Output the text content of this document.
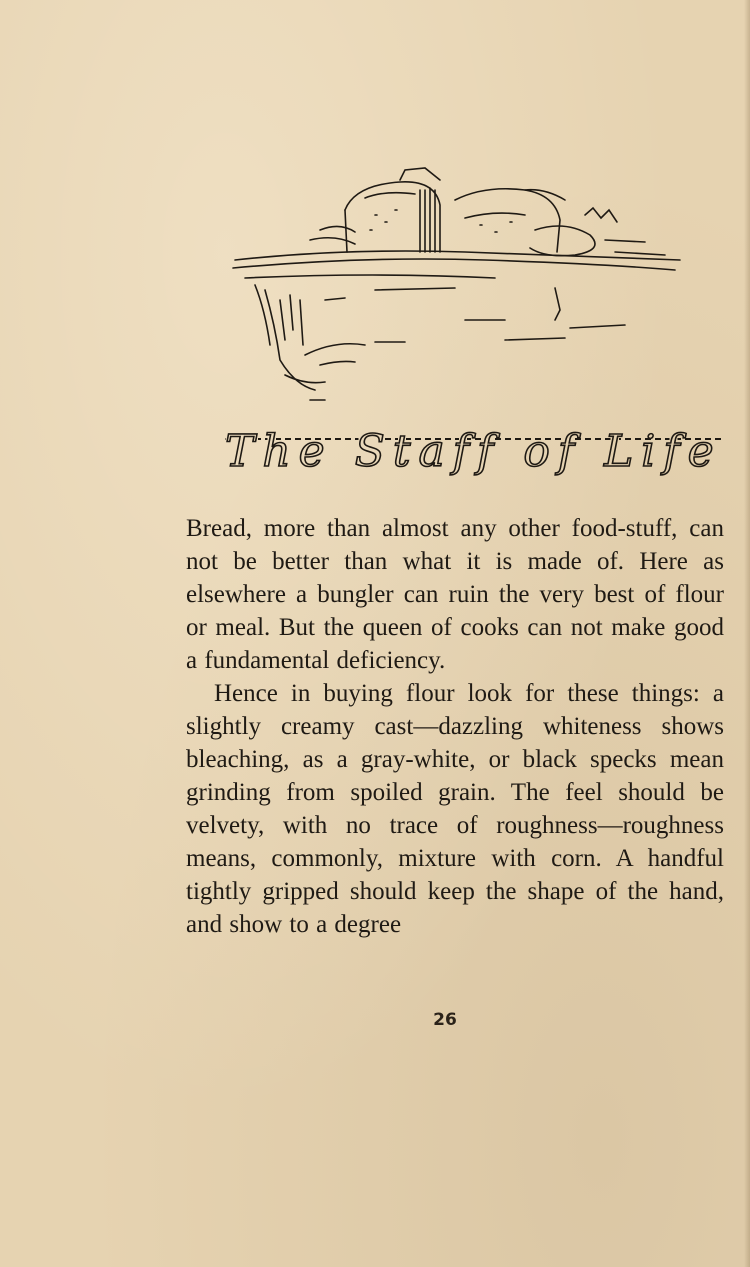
The Staff of Life

Bread, more than almost any other food-stuff, can not be better than what it is made of. Here as elsewhere a bungler can ruin the very best of flour or meal. But the queen of cooks can not make good a fundamental deficiency.

Hence in buying flour look for these things: a slightly creamy cast—dazzling whiteness shows bleaching, as a gray-white, or black specks mean grinding from spoiled grain. The feel should be velvety, with no trace of roughness—roughness means, commonly, mixture with corn. A handful tightly gripped should keep the shape of the hand, and show to a degree

26
